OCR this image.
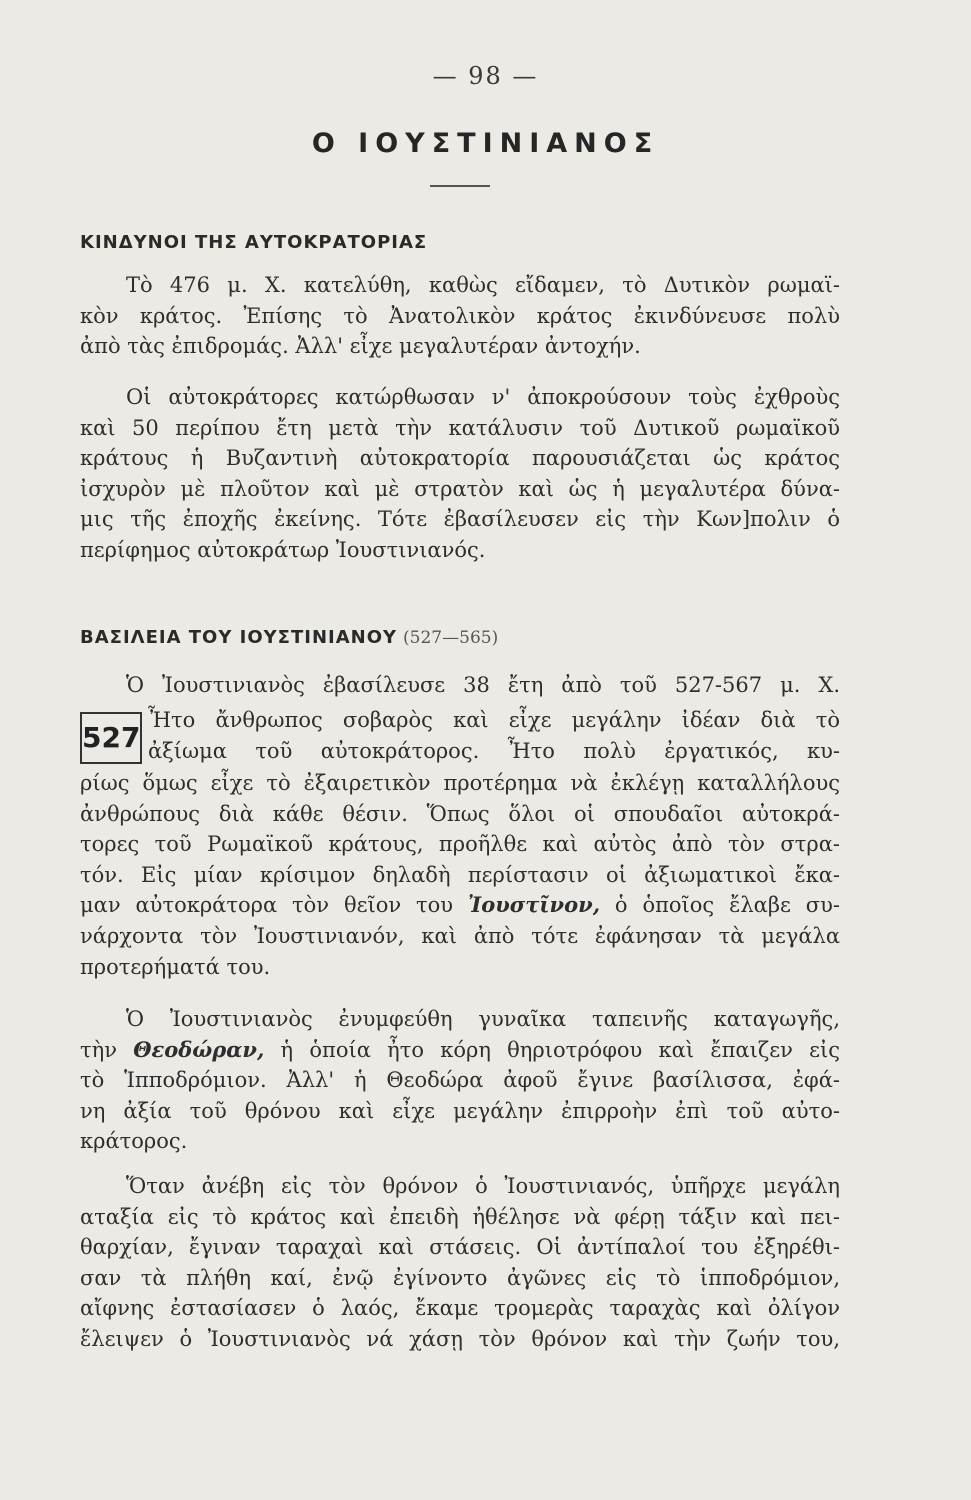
— 98 —
Ο ΙΟΥΣΤΙΝΙΑΝΟΣ
ΚΙΝΔΥΝΟΙ ΤΗΣ ΑΥΤΟΚΡΑΤΟΡΙΑΣ
Τὸ 476 μ. Χ. κατελύθη, καθὼς εἴδαμεν, τὸ Δυτικὸν ρωμαϊ-
κὸν κράτος. Ἐπίσης τὸ Ἀνατολικὸν κράτος ἐκινδύνευσε πολὺ
ἀπὸ τὰς ἐπιδρομάς. Ἀλλ' εἶχε μεγαλυτέραν ἀντοχήν.
Οἱ αὐτοκράτορες κατώρθωσαν ν' ἀποκρούσουν τοὺς ἐχθροὺς
καὶ 50 περίπου ἔτη μετὰ τὴν κατάλυσιν τοῦ Δυτικοῦ ρωμαϊκοῦ
κράτους ἡ Βυζαντινὴ αὐτοκρατορία παρουσιάζεται ὡς κράτος
ἰσχυρὸν μὲ πλοῦτον καὶ μὲ στρατὸν καὶ ὡς ἡ μεγαλυτέρα δύνα-
μις τῆς ἐποχῆς ἐκείνης. Τότε ἐβασίλευσεν εἰς τὴν Κων]πολιν ὁ
περίφημος αὐτοκράτωρ Ἰουστινιανός.
ΒΑΣΙΛΕΙΑ ΤΟΥ ΙΟΥΣΤΙΝΙΑΝΟΥ (527—565)
Ὁ Ἰουστινιανὸς ἐβασίλευσε 38 ἔτη ἀπὸ τοῦ 527-567 μ. Χ.
527
Ἦτο ἄνθρωπος σοβαρὸς καὶ εἶχε μεγάλην ἰδέαν διὰ τὸ
ἀξίωμα τοῦ αὐτοκράτορος. Ἦτο πολὺ ἐργατικός, κυ-
ρίως ὅμως εἶχε τὸ ἐξαιρετικὸν προτέρημα νὰ ἐκλέγῃ καταλλήλους
ἀνθρώπους διὰ κάθε θέσιν. Ὅπως ὅλοι οἱ σπουδαῖοι αὐτοκρά-
τορες τοῦ Ρωμαϊκοῦ κράτους, προῆλθε καὶ αὐτὸς ἀπὸ τὸν στρα-
τόν. Εἰς μίαν κρίσιμον δηλαδὴ περίστασιν οἱ ἀξιωματικοὶ ἔκα-
μαν αὐτοκράτορα τὸν θεῖον του Ἰουστῖνον, ὁ ὁποῖος ἔλαβε συ-
νάρχοντα τὸν Ἰουστινιανόν, καὶ ἀπὸ τότε ἐφάνησαν τὰ μεγάλα
προτερήματά του.
Ὁ Ἰουστινιανὸς ἐνυμφεύθη γυναῖκα ταπεινῆς καταγωγῆς,
τὴν Θεοδώραν, ἡ ὁποία ἦτο κόρη θηριοτρόφου καὶ ἔπαιζεν εἰς
τὸ Ἱπποδρόμιον. Ἀλλ' ἡ Θεοδώρα ἀφοῦ ἔγινε βασίλισσα, ἐφά-
νη ἀξία τοῦ θρόνου καὶ εἶχε μεγάλην ἐπιρροὴν ἐπὶ τοῦ αὐτο-
κράτορος.
Ὅταν ἀνέβη εἰς τὸν θρόνον ὁ Ἰουστινιανός, ὑπῆρχε μεγάλη
αταξία εἰς τὸ κράτος καὶ ἐπειδὴ ἠθέλησε νὰ φέρῃ τάξιν καὶ πει-
θαρχίαν, ἔγιναν ταραχαὶ καὶ στάσεις. Οἱ ἀντίπαλοί του ἐξηρέθι-
σαν τὰ πλήθη καί, ἐνῷ ἐγίνοντο ἀγῶνες εἰς τὸ ἱπποδρόμιον,
αἴφνης ἐστασίασεν ὁ λαός, ἔκαμε τρομερὰς ταραχὰς καὶ ὀλίγον
ἔλειψεν ὁ Ἰουστινιανὸς νά χάσῃ τὸν θρόνον καὶ τὴν ζωήν του,
